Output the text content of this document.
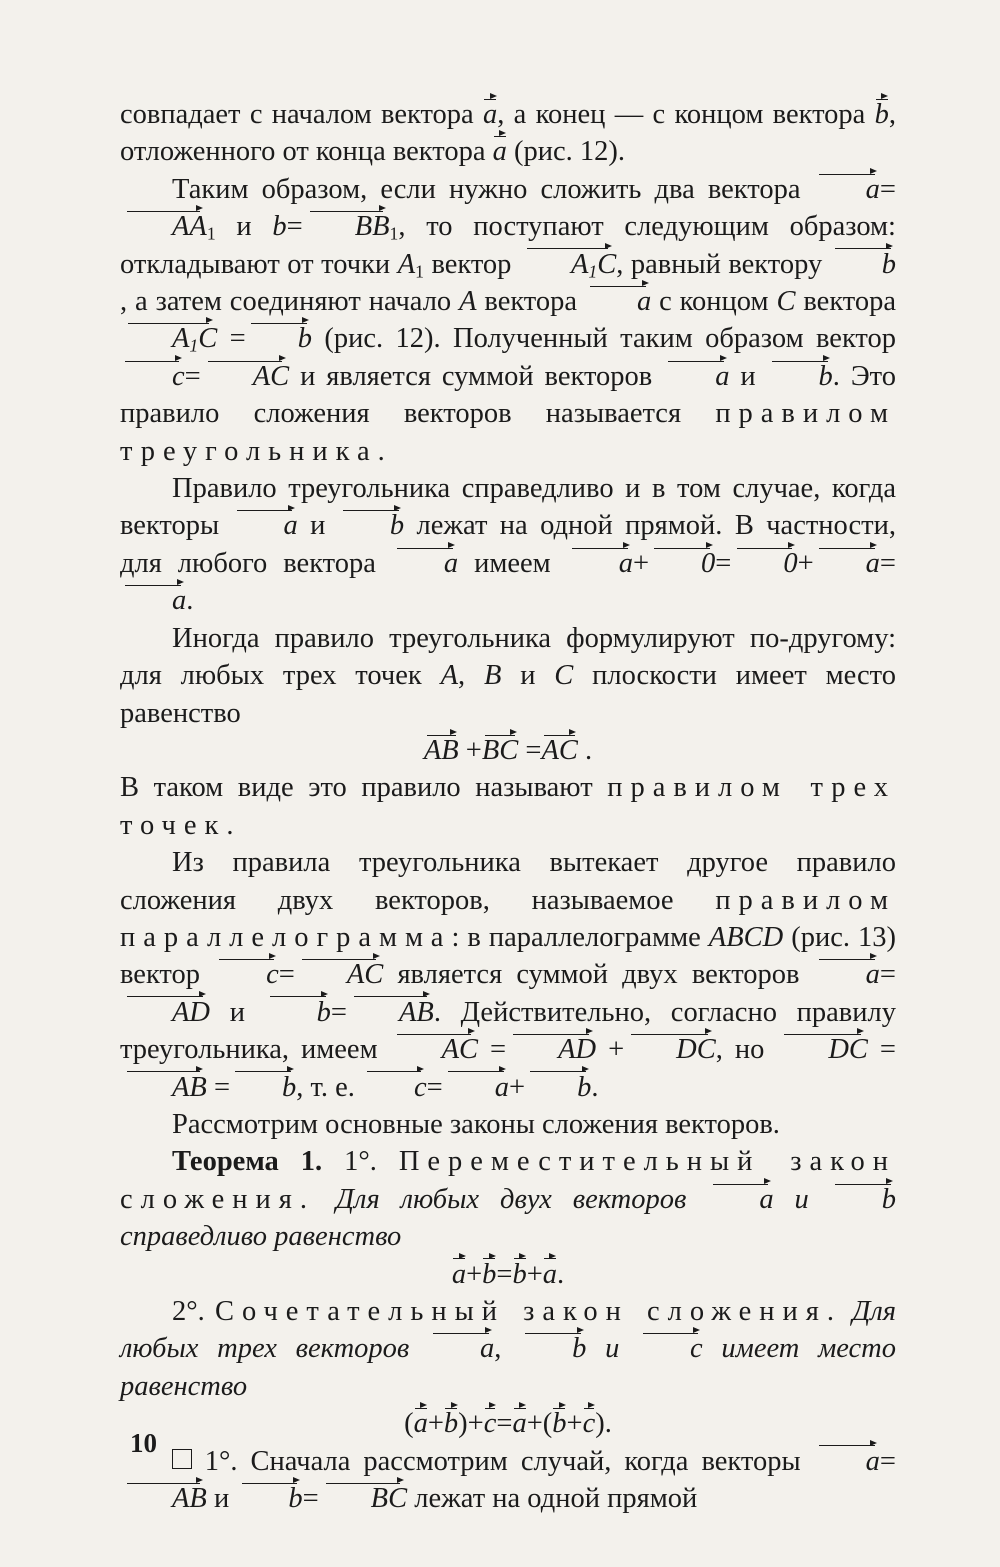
совпадает с началом вектора a, а конец — с концом вектора b, отложенного от конца вектора a (рис. 12).

Таким образом, если нужно сложить два вектора $a=AA_1$ и $b= BB_1$, то поступают следующим образом: откладывают от точки $A_1$ вектор $A_1C$, равный вектору b, а затем соединяют начало A вектора a с концом C вектора $A_1C = b$ (рис. 12). Полученный таким образом вектор c= AC и является суммой векторов a и b. Это правило сложения векторов называется правилом треугольника.

Правило треугольника справедливо и в том случае, когда векторы a и b лежат на одной прямой. В частности, для любого вектора a имеем a+ 0= 0+ a=a.

Иногда правило треугольника формулируют по-другому: для любых трех точек A, B и C плоскости имеет место равенство

AB +BC =AC .

В таком виде это правило называют правилом трех точек.

Из правила треугольника вытекает другое правило сложения двух векторов, называемое правилом параллелограмма: в параллелограмме ABCD (рис. 13) вектор c= AC является суммой двух векторов a=AD и b= AB. Действительно, согласно правилу треугольника, имеем AC = AD + DC, но DC =AB = b, т. е. c= a+ b.

Рассмотрим основные законы сложения векторов.

Теорема 1. 1°. Переместительный закон сложения. Для любых двух векторов a и b справедливо равенство

a+b=b+a.

2°. Сочетательный закон сложения. Для любых трех векторов a, b и c имеет место равенство

(a+b)+c=a+(b+c).

1°. Сначала рассмотрим случай, когда векторы a=AB и b= BC лежат на одной прямой

10
